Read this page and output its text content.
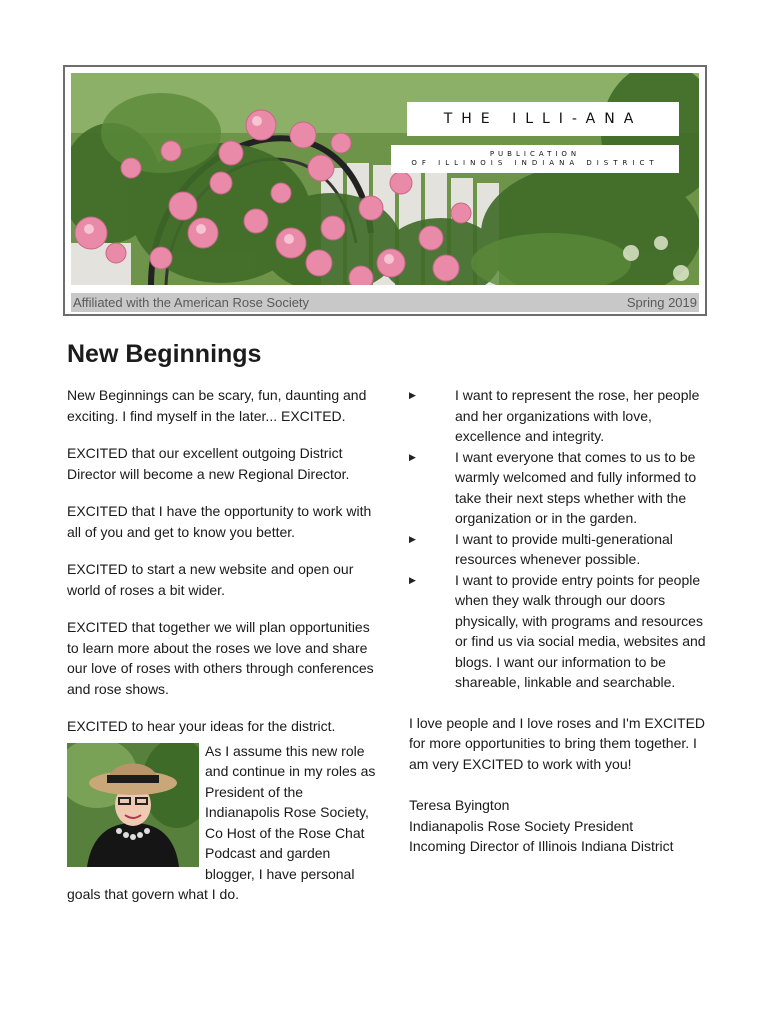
THE ILLI-ANA
PUBLICATION
OF ILLINOIS INDIANA DISTRICT
Affiliated with the American Rose Society	Spring 2019
New Beginnings

New Beginnings can be scary, fun, daunting and exciting. I find myself in the later... EXCITED.

EXCITED that our excellent outgoing District Director will become a new Regional Director.

EXCITED that I have the opportunity to work with all of you and get to know you better.

EXCITED to start a new website and open our world of roses a bit wider.

EXCITED that together we will plan opportunities to learn more about the roses we love and share our love of roses with others through conferences and rose shows.

EXCITED to hear your ideas for the district.

As I assume this new role and continue in my roles as President of the Indianapolis Rose Society, Co Host of the Rose Chat Podcast and garden blogger, I have personal goals that govern what I do.
▶	I want to represent the rose, her people and her organizations with love, excellence and integrity.
▶	I want everyone that comes to us to be warmly welcomed and fully informed to take their next steps whether with the organization or in the garden.
▶	I want to provide multi-generational resources whenever possible.
▶	I want to provide entry points for people when they walk through our doors physically, with programs and resources or find us via social media, websites and blogs. I want our information to be shareable, linkable and searchable.

I love people and I love roses and I'm EXCITED for more opportunities to bring them together. I am very EXCITED to work with you!

Teresa Byington
Indianapolis Rose Society President
Incoming Director of Illinois Indiana District
